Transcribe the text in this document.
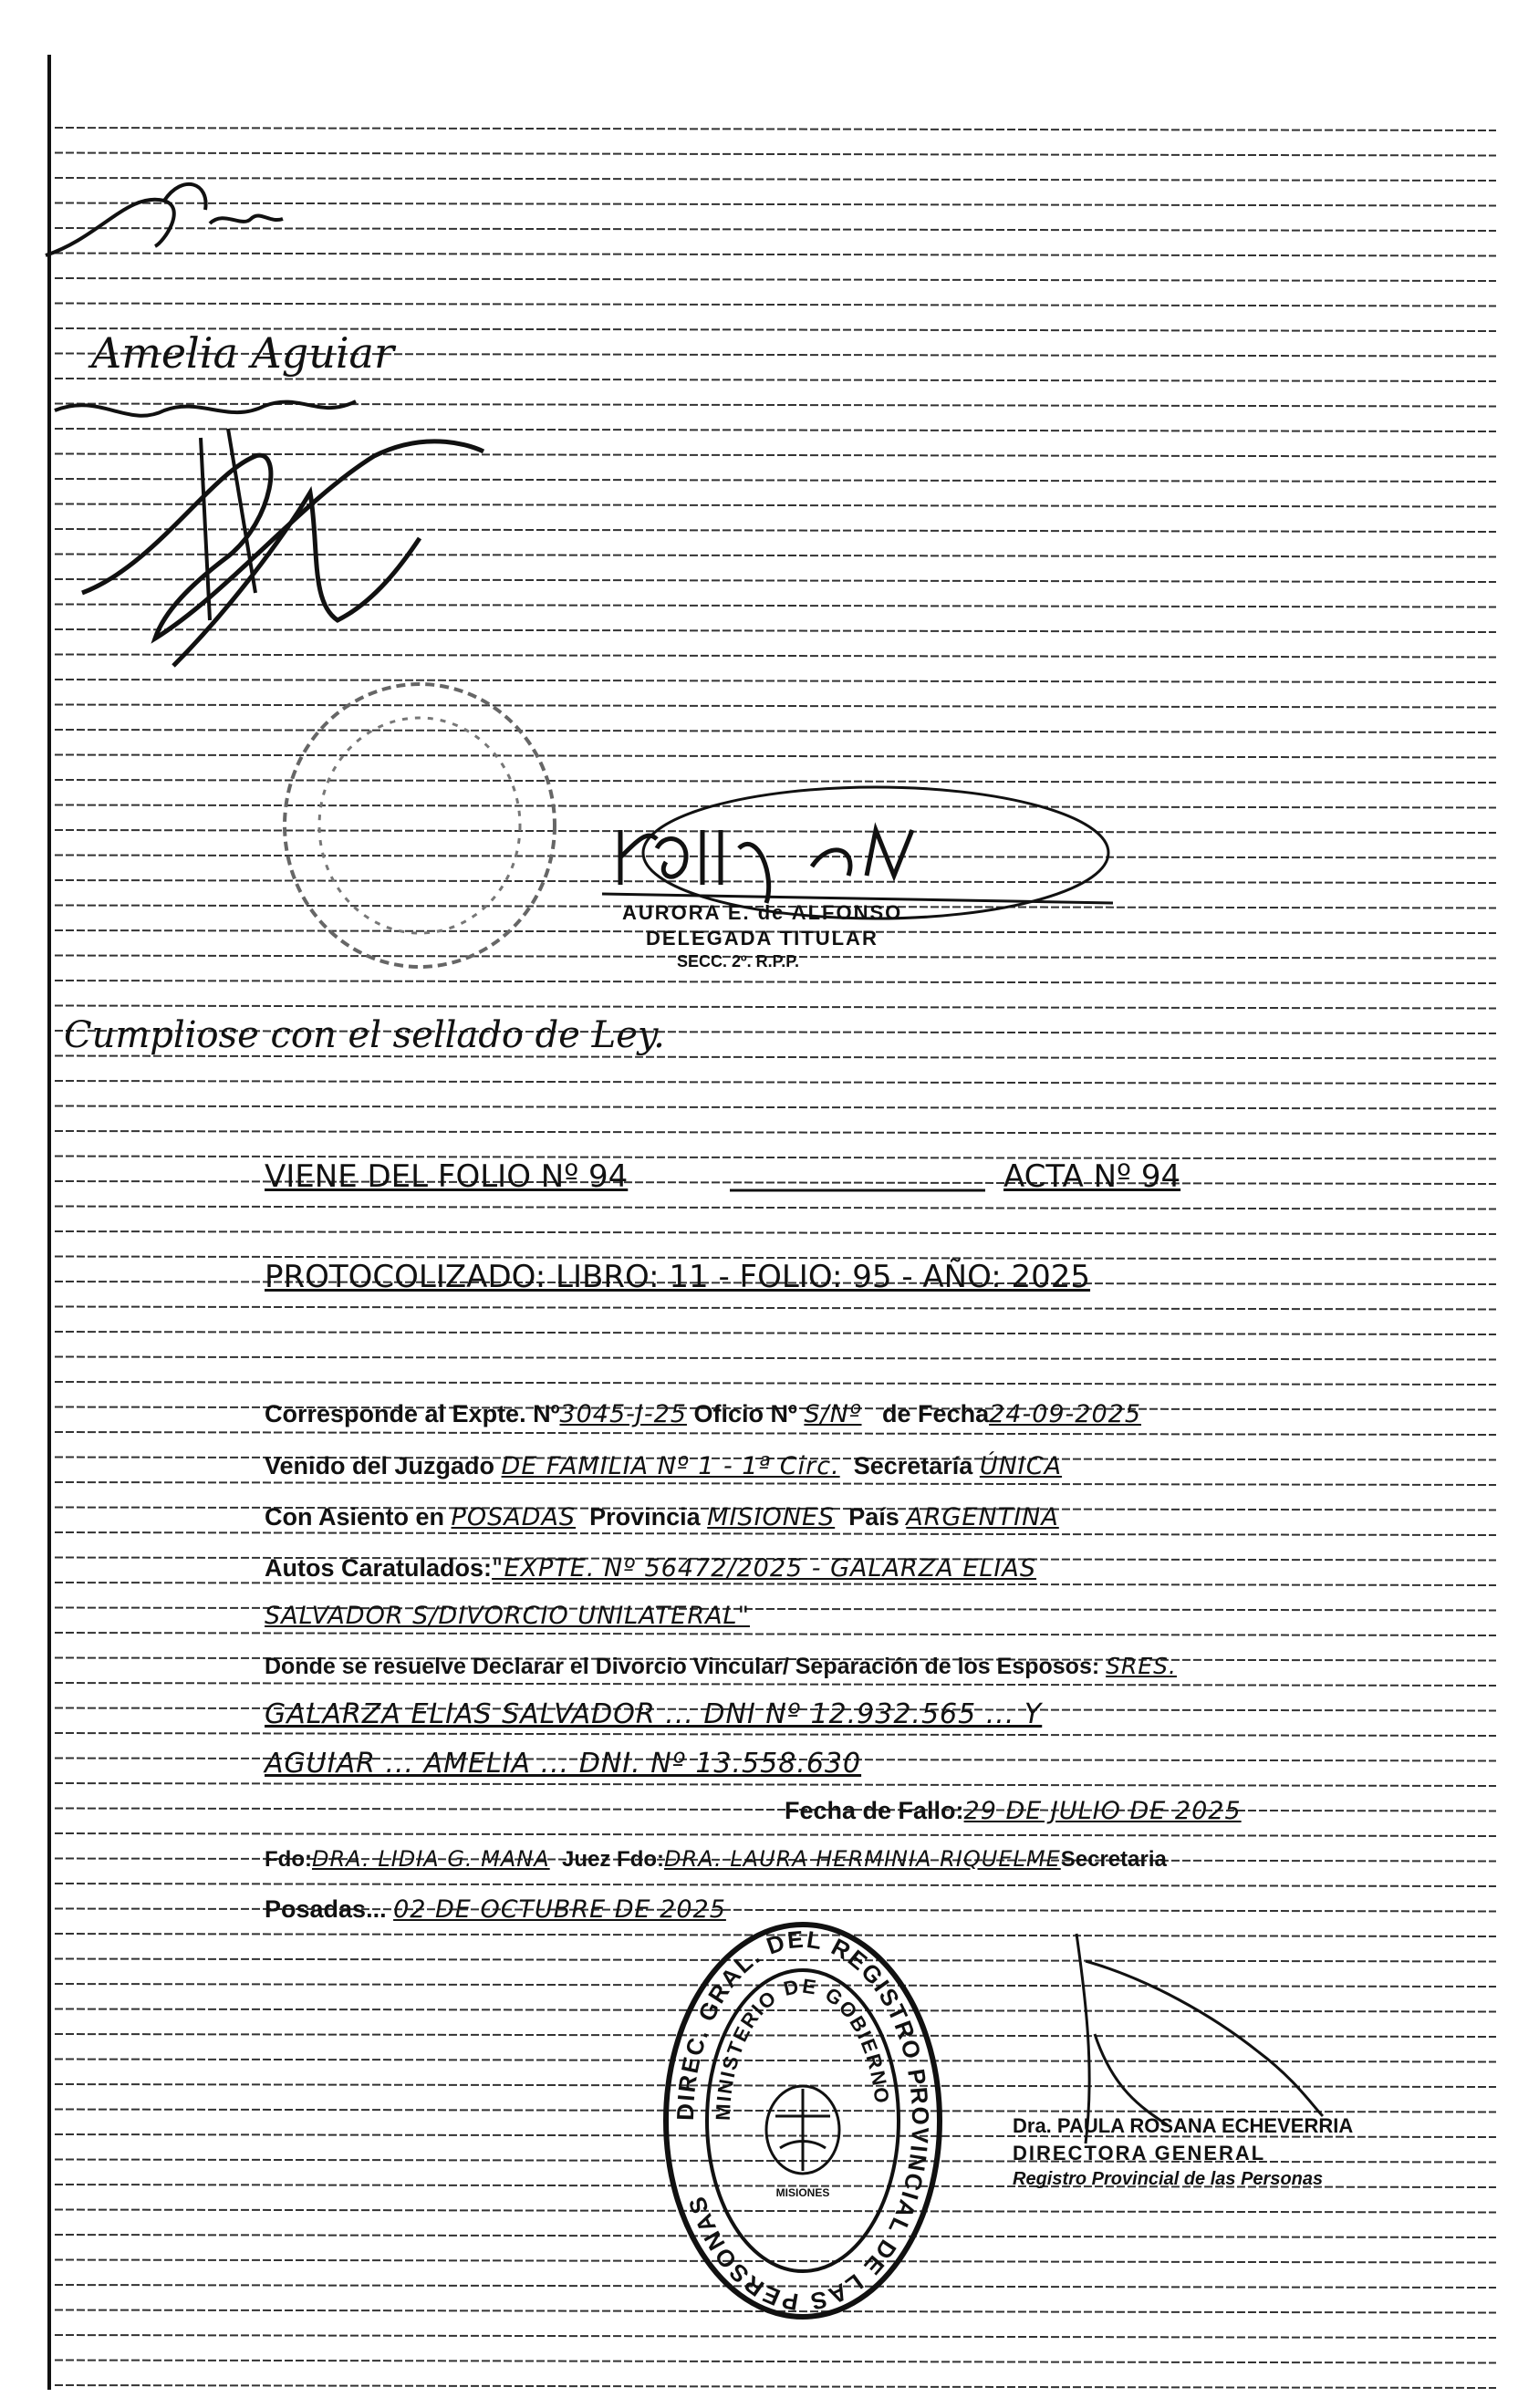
Amelia Aguiar
AURORA E. de ALFONSO
DELEGADA TITULAR
SECC. 2º. R.P.P.
Cumpliose con el sellado de Ley.
VIENE DEL FOLIO Nº 94	ACTA Nº 94
PROTOCOLIZADO: LIBRO: 11 - FOLIO: 95 - AÑO: 2025
Corresponde al Expte. Nº3045-J-25 Oficio Nº S/Nº de Fecha24-09-2025
Venido del Juzgado DE FAMILIA Nº 1 - 1ª Circ. Secretaría ÚNICA
Con Asiento en POSADAS Provincia MISIONES País ARGENTINA
Autos Caratulados:"EXPTE. Nº 56472/2025 - GALARZA ELIAS
SALVADOR S/DIVORCIO UNILATERAL"
Donde se resuelve Declarar el Divorcio Vincular/ Separación de los Esposos: SRES.
GALARZA ELIAS SALVADOR ... DNI Nº 12.932.565 ... Y
AGUIAR ... AMELIA ... DNI. Nº 13.558.630
Fecha de Fallo:29 DE JULIO DE 2025
Fdo:DRA. LIDIA G. MANA Juez Fdo:DRA. LAURA HERMINIA RIQUELMESecretaria
Posadas... 02 DE OCTUBRE DE 2025
DIREC. GRAL. DEL REGISTRO PROVINCIAL DE LAS PERSONAS
MINISTERIO DE GOBIERNO
MISIONES
Dra. PAULA ROSANA ECHEVERRIA
DIRECTORA GENERAL
Registro Provincial de las Personas
